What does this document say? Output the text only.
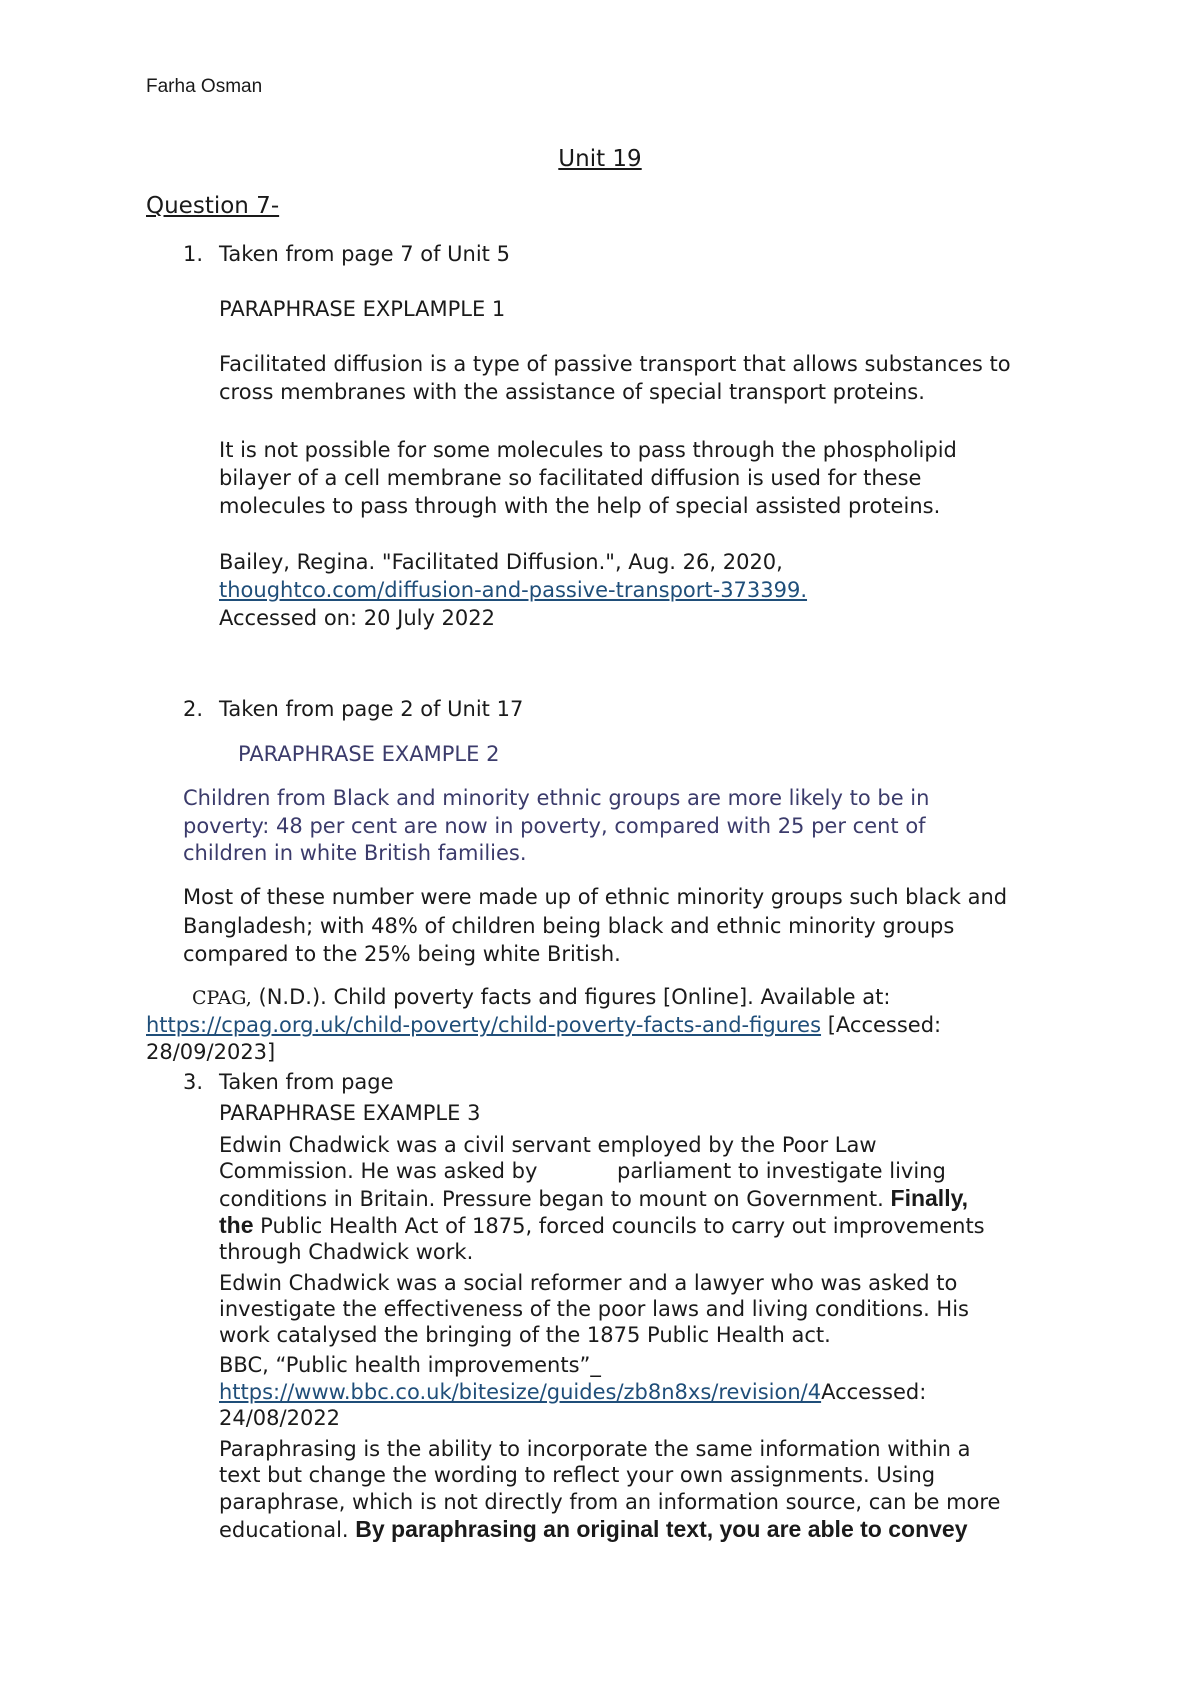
Farha Osman
Unit 19
Question 7-
1. Taken from page 7 of Unit 5
PARAPHRASE EXPLAMPLE 1
Facilitated diffusion is a type of passive transport that allows substances to
cross membranes with the assistance of special transport proteins.
It is not possible for some molecules to pass through the phospholipid
bilayer of a cell membrane so facilitated diffusion is used for these
molecules to pass through with the help of special assisted proteins.
Bailey, Regina. "Facilitated Diffusion.", Aug. 26, 2020,
thoughtco.com/diffusion-and-passive-transport-373399.
Accessed on: 20 July 2022
2. Taken from page 2 of Unit 17
PARAPHRASE EXAMPLE 2
Children from Black and minority ethnic groups are more likely to be in
poverty: 48 per cent are now in poverty, compared with 25 per cent of
children in white British families.
Most of these number were made up of ethnic minority groups such black and
Bangladesh; with 48% of children being black and ethnic minority groups
compared to the 25% being white British.
CPAG, (N.D.). Child poverty facts and figures [Online]. Available at:
https://cpag.org.uk/child-poverty/child-poverty-facts-and-figures [Accessed:
28/09/2023]
3. Taken from page
PARAPHRASE EXAMPLE 3
Edwin Chadwick was a civil servant employed by the Poor Law
Commission. He was asked by	parliament to investigate living
conditions in Britain. Pressure began to mount on Government. Finally,
the Public Health Act of 1875, forced councils to carry out improvements
through Chadwick work.
Edwin Chadwick was a social reformer and a lawyer who was asked to
investigate the effectiveness of the poor laws and living conditions. His
work catalysed the bringing of the 1875 Public Health act.
BBC, “Public health improvements”_
https://www.bbc.co.uk/bitesize/guides/zb8n8xs/revision/4Accessed:
24/08/2022
Paraphrasing is the ability to incorporate the same information within a
text but change the wording to reflect your own assignments. Using
paraphrase, which is not directly from an information source, can be more
educational. By paraphrasing an original text, you are able to convey
